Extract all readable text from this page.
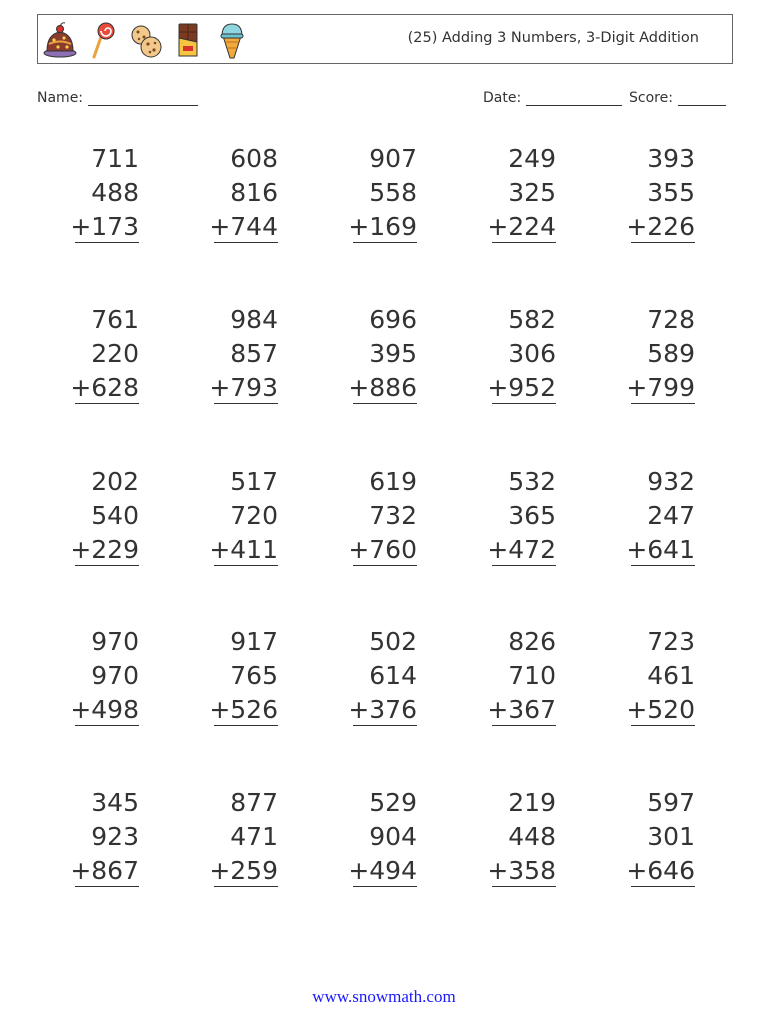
(25) Adding 3 Numbers, 3-Digit Addition
Name:	Date:	Score:
711
488
+173
608
816
+744
907
558
+169
249
325
+224
393
355
+226
761
220
+628
984
857
+793
696
395
+886
582
306
+952
728
589
+799
202
540
+229
517
720
+411
619
732
+760
532
365
+472
932
247
+641
970
970
+498
917
765
+526
502
614
+376
826
710
+367
723
461
+520
345
923
+867
877
471
+259
529
904
+494
219
448
+358
597
301
+646
www.snowmath.com
